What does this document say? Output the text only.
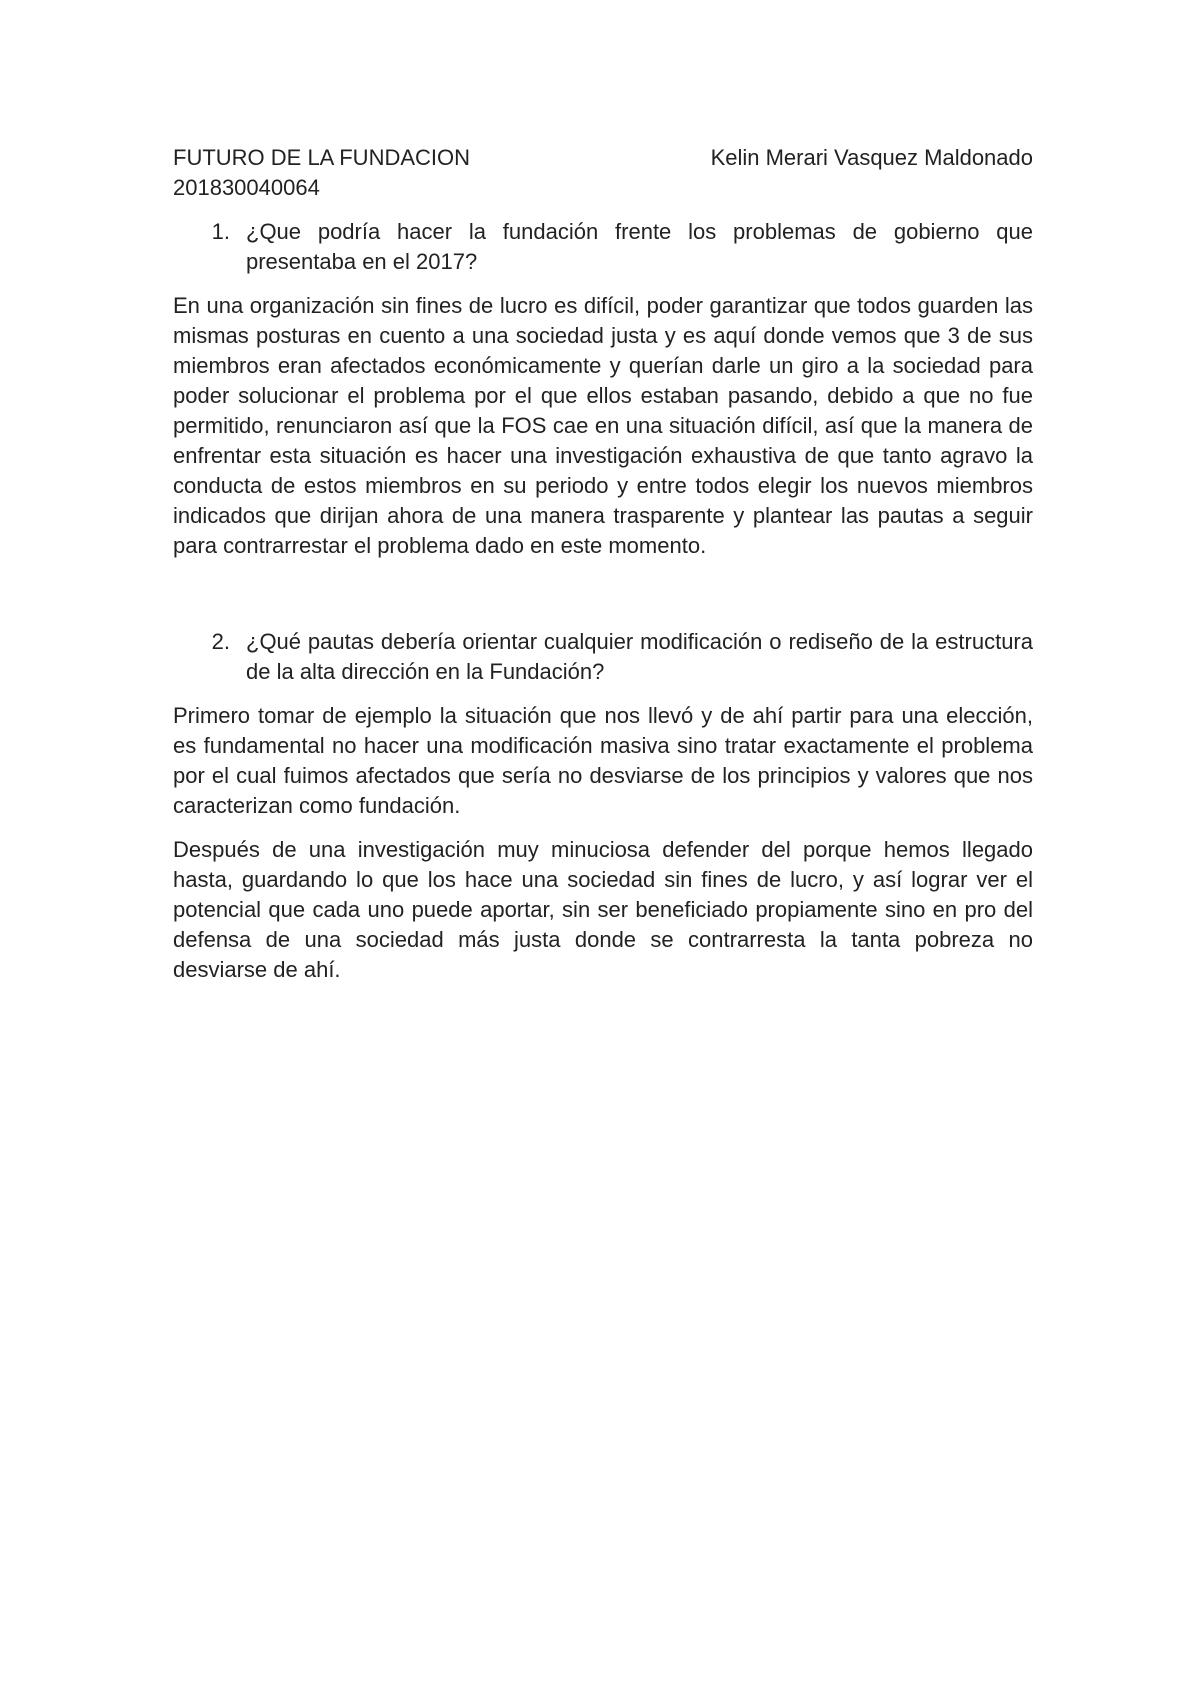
FUTURO DE LA FUNDACION	Kelin Merari Vasquez Maldonado
201830040064
1. ¿Que podría hacer la fundación frente los problemas de gobierno que presentaba en el 2017?

En una organización sin fines de lucro es difícil, poder garantizar que todos guarden las mismas posturas en cuento a una sociedad justa y es aquí donde vemos que 3 de sus miembros eran afectados económicamente y querían darle un giro a la sociedad para poder solucionar el problema por el que ellos estaban pasando, debido a que no fue permitido, renunciaron así que la FOS cae en una situación difícil, así que la manera de enfrentar esta situación es hacer una investigación exhaustiva de que tanto agravo la conducta de estos miembros en su periodo y entre todos elegir los nuevos miembros indicados que dirijan ahora de una manera trasparente y plantear las pautas a seguir para contrarrestar el problema dado en este momento.

2. ¿Qué pautas debería orientar cualquier modificación o rediseño de la estructura de la alta dirección en la Fundación?

Primero tomar de ejemplo la situación que nos llevó y de ahí partir para una elección, es fundamental no hacer una modificación masiva sino tratar exactamente el problema por el cual fuimos afectados que sería no desviarse de los principios y valores que nos caracterizan como fundación.

Después de una investigación muy minuciosa defender del porque hemos llegado hasta, guardando lo que los hace una sociedad sin fines de lucro, y así lograr ver el potencial que cada uno puede aportar, sin ser beneficiado propiamente sino en pro del defensa de una sociedad más justa donde se contrarresta la tanta pobreza no desviarse de ahí.
